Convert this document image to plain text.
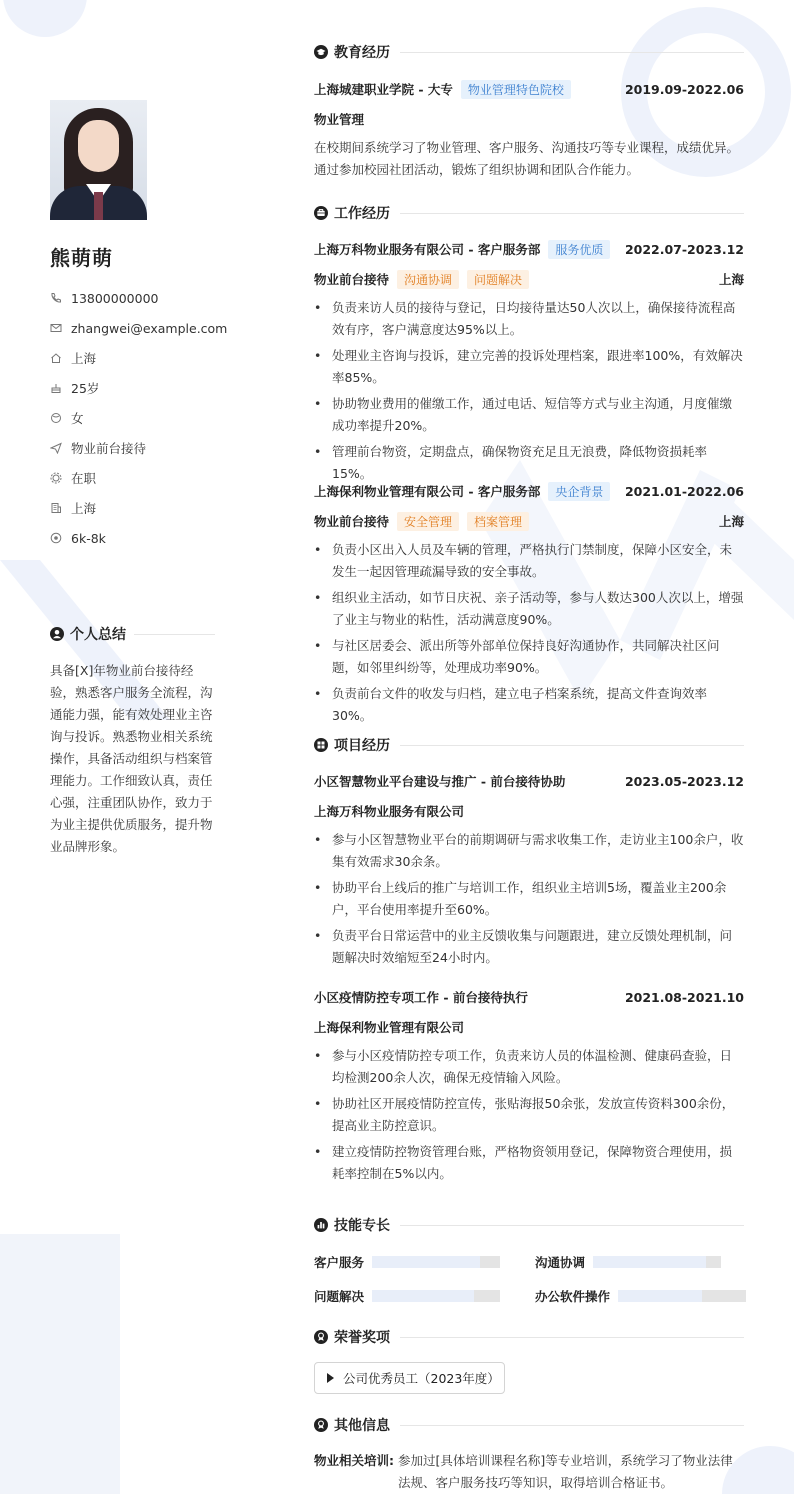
熊萌萌
13800000000
zhangwei@example.com
上海
25岁
女
物业前台接待
在职
上海
6k-8k
个人总结
具备[X]年物业前台接待经验，熟悉客户服务全流程，沟通能力强，能有效处理业主咨询与投诉。熟悉物业相关系统操作，具备活动组织与档案管理能力。工作细致认真，责任心强，注重团队协作，致力于为业主提供优质服务，提升物业品牌形象。
教育经历
上海城建职业学院 - 大专	物业管理特色院校	2019.09-2022.06
物业管理
在校期间系统学习了物业管理、客户服务、沟通技巧等专业课程，成绩优异。通过参加校园社团活动，锻炼了组织协调和团队合作能力。
工作经历
上海万科物业服务有限公司 - 客户服务部	服务优质	2022.07-2023.12
物业前台接待	沟通协调	问题解决	上海
• 负责来访人员的接待与登记，日均接待量达50人次以上，确保接待流程高效有序，客户满意度达95%以上。
• 处理业主咨询与投诉，建立完善的投诉处理档案，跟进率100%，有效解决率85%。
• 协助物业费用的催缴工作，通过电话、短信等方式与业主沟通，月度催缴成功率提升20%。
• 管理前台物资，定期盘点，确保物资充足且无浪费，降低物资损耗率15%。
上海保利物业管理有限公司 - 客户服务部	央企背景	2021.01-2022.06
物业前台接待	安全管理	档案管理	上海
• 负责小区出入人员及车辆的管理，严格执行门禁制度，保障小区安全，未发生一起因管理疏漏导致的安全事故。
• 组织业主活动，如节日庆祝、亲子活动等，参与人数达300人次以上，增强了业主与物业的粘性，活动满意度90%。
• 与社区居委会、派出所等外部单位保持良好沟通协作，共同解决社区问题，如邻里纠纷等，处理成功率90%。
• 负责前台文件的收发与归档，建立电子档案系统，提高文件查询效率30%。
项目经历
小区智慧物业平台建设与推广 - 前台接待协助	2023.05-2023.12
上海万科物业服务有限公司
• 参与小区智慧物业平台的前期调研与需求收集工作，走访业主100余户，收集有效需求30余条。
• 协助平台上线后的推广与培训工作，组织业主培训5场，覆盖业主200余户，平台使用率提升至60%。
• 负责平台日常运营中的业主反馈收集与问题跟进，建立反馈处理机制，问题解决时效缩短至24小时内。
小区疫情防控专项工作 - 前台接待执行	2021.08-2021.10
上海保利物业管理有限公司
• 参与小区疫情防控专项工作，负责来访人员的体温检测、健康码查验，日均检测200余人次，确保无疫情输入风险。
• 协助社区开展疫情防控宣传，张贴海报50余张，发放宣传资料300余份，提高业主防控意识。
• 建立疫情防控物资管理台账，严格物资领用登记，保障物资合理使用，损耗率控制在5%以内。
技能专长
客户服务	沟通协调
问题解决	办公软件操作
荣誉奖项
公司优秀员工（2023年度）
其他信息
物业相关培训: 参加过[具体培训课程名称]等专业培训，系统学习了物业法律法规、客户服务技巧等知识，取得培训合格证书。
